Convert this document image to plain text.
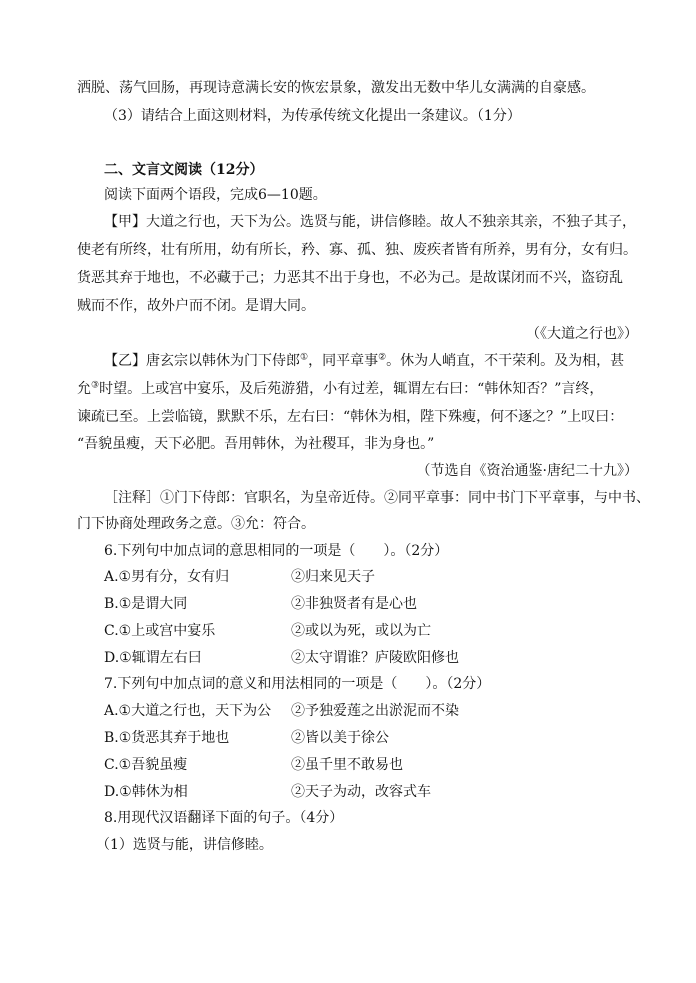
洒脱、荡气回肠，再现诗意满长安的恢宏景象，激发出无数中华儿女满满的自豪感。
（3）请结合上面这则材料，为传承传统文化提出一条建议。（1分）
二、文言文阅读（12分）
阅读下面两个语段，完成6—10题。
【甲】大道之行也，天下为公。选贤与能，讲信修睦。故人不独亲其亲，不独子其子，
使老有所终，壮有所用，幼有所长，矜、寡、孤、独、废疾者皆有所养，男有分，女有归。
货恶其弃于地也，不必藏于己；力恶其不出于身也，不必为己。是故谋闭而不兴，盗窃乱
贼而不作，故外户而不闭。是谓大同。
（《大道之行也》）
【乙】唐玄宗以韩休为门下侍郎①，同平章事②。休为人峭直，不干荣利。及为相，甚
允③时望。上或宫中宴乐，及后苑游猎，小有过差，辄谓左右曰：“韩休知否？”言终，
谏疏已至。上尝临镜，默默不乐，左右曰：“韩休为相，陛下殊瘦，何不逐之？”上叹曰：
“吾貌虽瘦，天下必肥。吾用韩休，为社稷耳，非为身也。”
（节选自《资治通鉴·唐纪二十九》）
［注释］①门下侍郎：官职名，为皇帝近侍。②同平章事：同中书门下平章事，与中书、
门下协商处理政务之意。③允：符合。
6.下列句中加点词的意思相同的一项是（　　）。（2分）
A.①男有分，女有归	②归来见天子
B.①是谓大同	②非独贤者有是心也
C.①上或宫中宴乐	②或以为死，或以为亡
D.①辄谓左右曰	②太守谓谁？庐陵欧阳修也
7.下列句中加点词的意义和用法相同的一项是（　　）。（2分）
A.①大道之行也，天下为公 ②予独爱莲之出淤泥而不染
B.①货恶其弃于地也	②皆以美于徐公
C.①吾貌虽瘦	②虽千里不敢易也
D.①韩休为相	②天子为动，改容式车
8.用现代汉语翻译下面的句子。（4分）
（1）选贤与能，讲信修睦。
